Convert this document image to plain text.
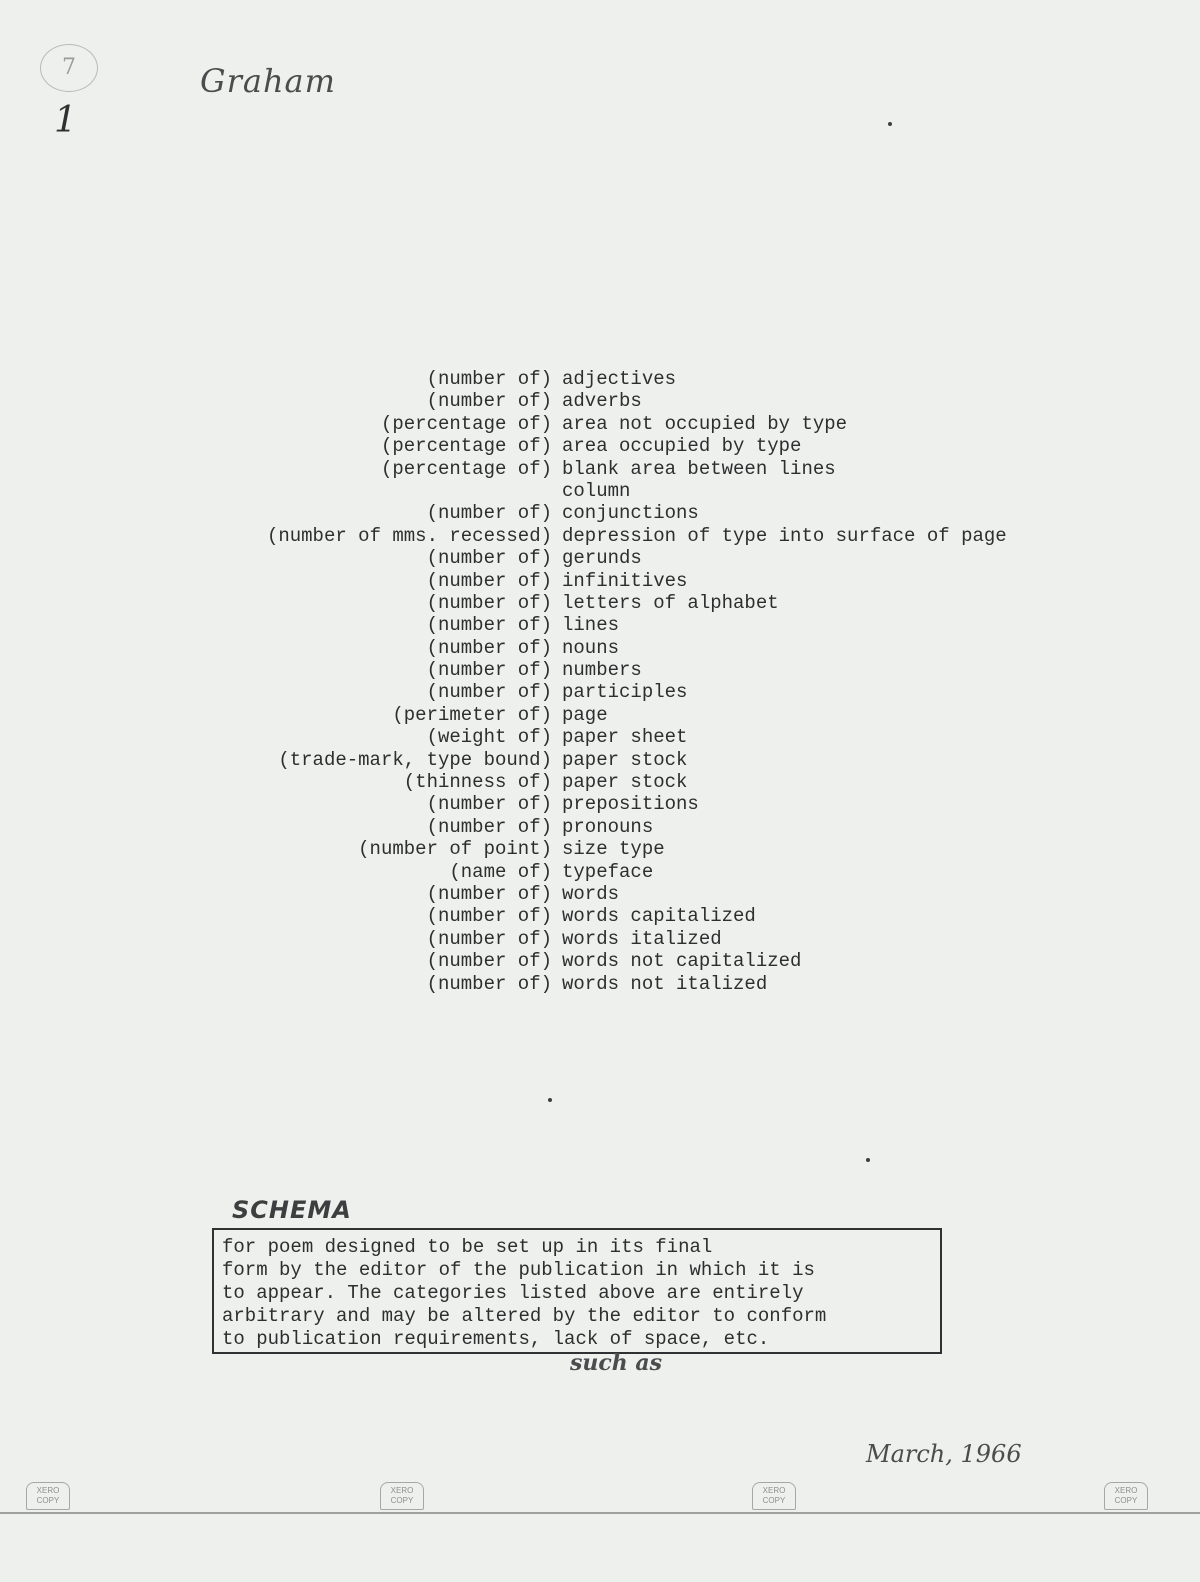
7
1
Graham
(number of) adjectives
(number of) adverbs
(percentage of) area not occupied by type
(percentage of) area occupied by type
(percentage of) blank area between lines
column
(number of) conjunctions
(number of mms. recessed) depression of type into surface of page
(number of) gerunds
(number of) infinitives
(number of) letters of alphabet
(number of) lines
(number of) nouns
(number of) numbers
(number of) participles
(perimeter of) page
(weight of) paper sheet
(trade-mark, type bound) paper stock
(thinness of) paper stock
(number of) prepositions
(number of) pronouns
(number of point) size type
(name of) typeface
(number of) words
(number of) words capitalized
(number of) words italized
(number of) words not capitalized
(number of) words not italized
SCHEMA

for poem designed to be set up in its final

form by the editor of the publication in which it is

to appear. The categories listed above are entirely

arbitrary and may be altered by the editor to conform

to publication requirements, lack of space, etc.

such as
March, 1966
XERO
COPY
XERO
COPY
XERO
COPY
XERO
COPY
